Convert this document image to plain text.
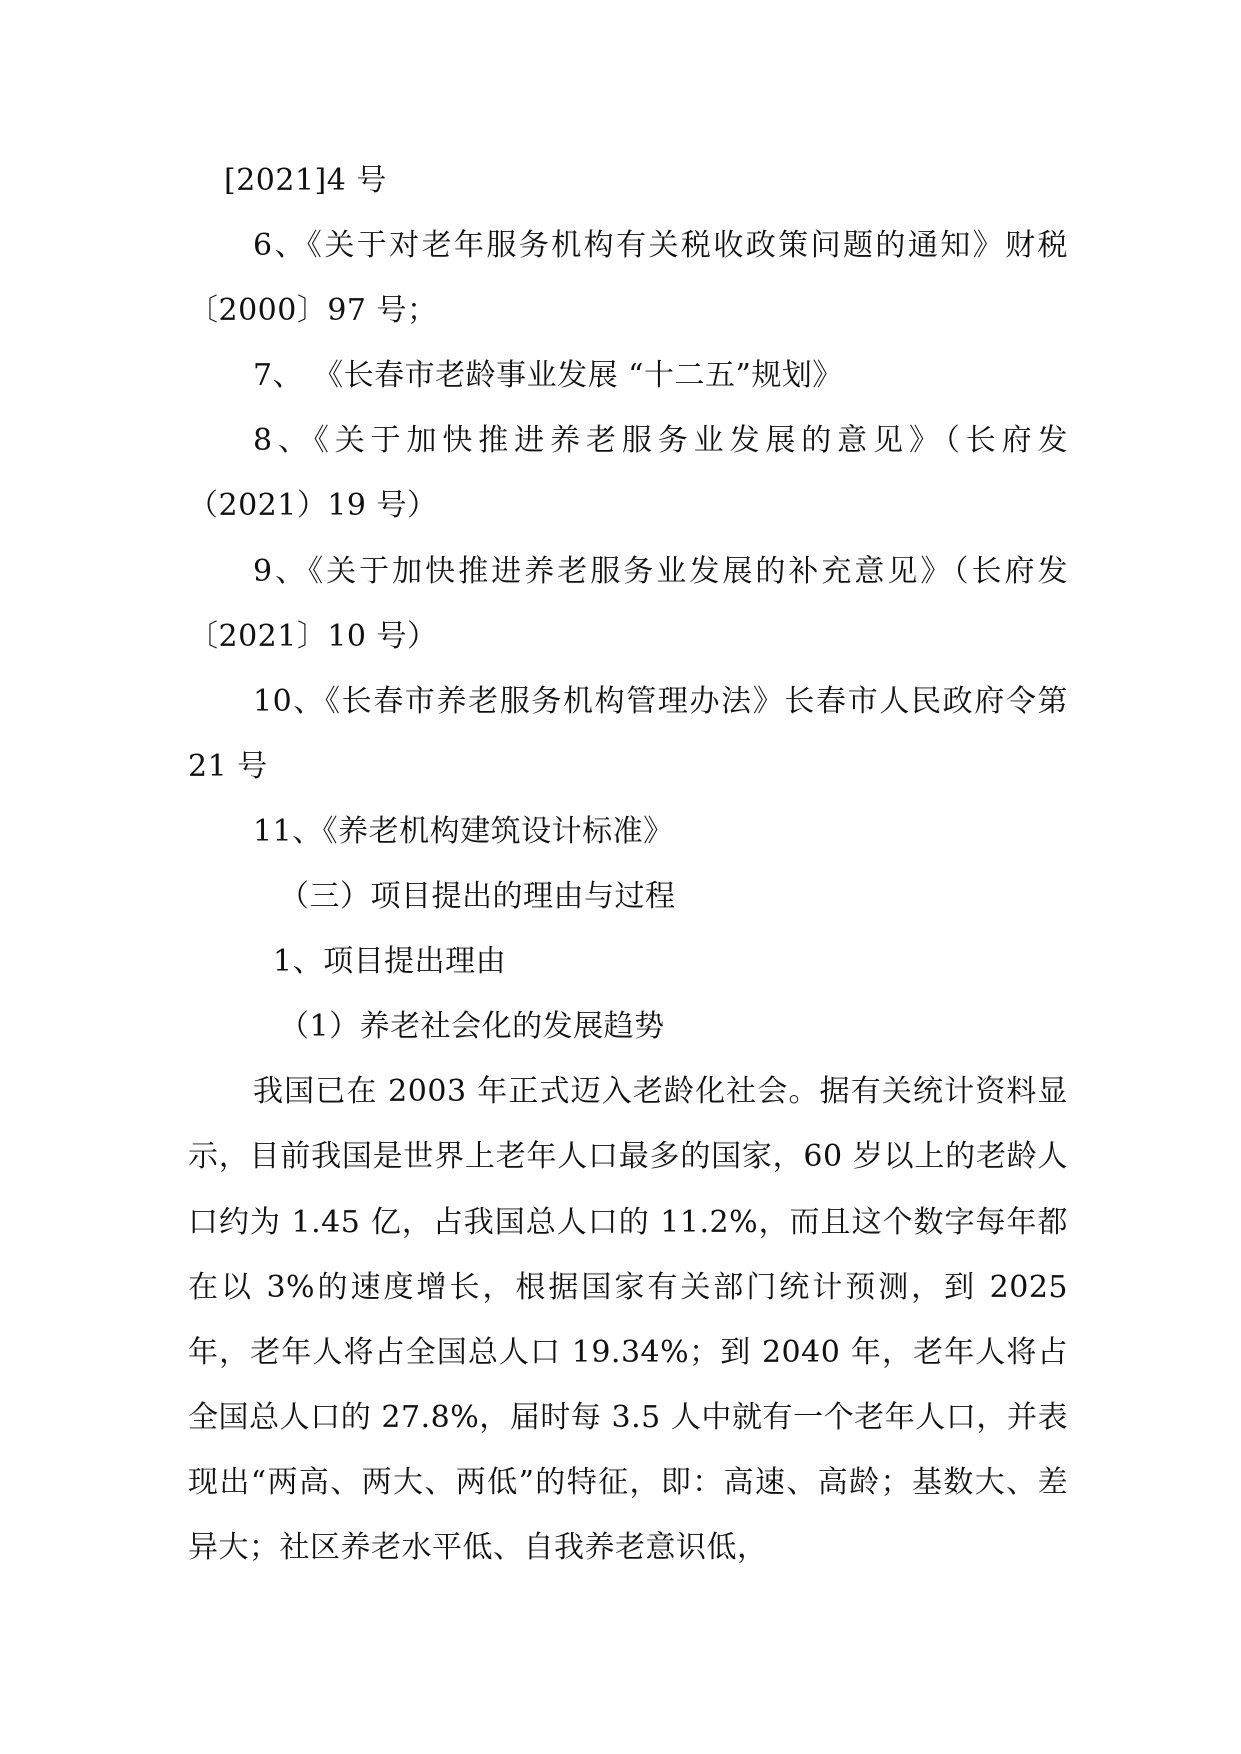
[2021]4 号

6、《关于对老年服务机构有关税收政策问题的通知》财税〔2000〕97 号；

7、 《长春市老龄事业发展 “十二五”规划》

8、《关于加快推进养老服务业发展的意见》（长府发（2021）19 号）

9、《关于加快推进养老服务业发展的补充意见》（长府发〔2021〕10 号）

10、《长春市养老服务机构管理办法》长春市人民政府令第 21 号

11、《养老机构建筑设计标准》

（三）项目提出的理由与过程

1、项目提出理由

（1）养老社会化的发展趋势

我国已在 2003 年正式迈入老龄化社会。据有关统计资料显示，目前我国是世界上老年人口最多的国家，60 岁以上的老龄人口约为 1.45 亿，占我国总人口的 11.2%，而且这个数字每年都在以 3%的速度增长，根据国家有关部门统计预测，到 2025 年，老年人将占全国总人口 19.34%；到 2040 年，老年人将占全国总人口的 27.8%，届时每 3.5 人中就有一个老年人口，并表现出“两高、两大、两低”的特征，即：高速、高龄；基数大、差异大；社区养老水平低、自我养老意识低，
